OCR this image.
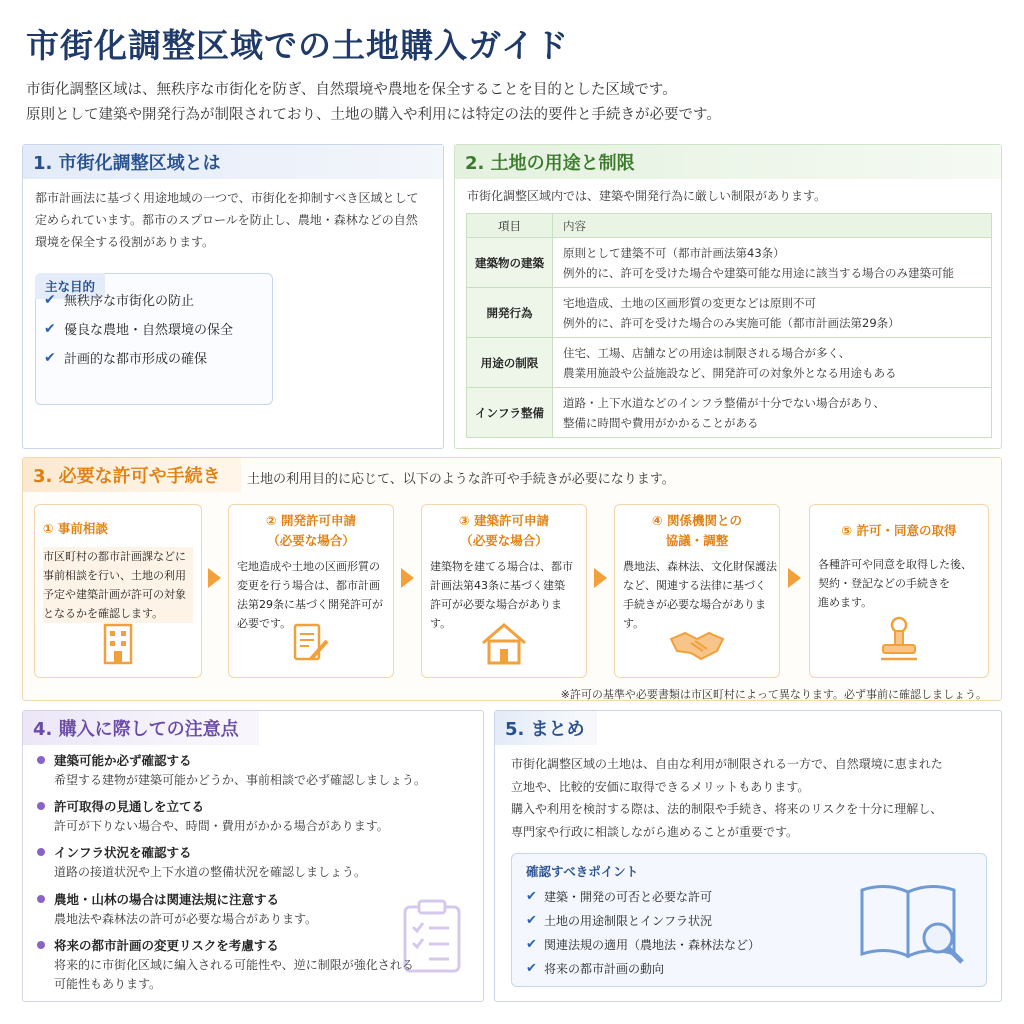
市街化調整区域での土地購入ガイド
市街化調整区域は、無秩序な市街化を防ぎ、自然環境や農地を保全することを目的とした区域です。
原則として建築や開発行為が制限されており、土地の購入や利用には特定の法的要件と手続きが必要です。
1. 市街化調整区域とは
都市計画法に基づく用途地域の一つで、市街化を抑制すべき区域として
定められています。都市のスプロールを防止し、農地・森林などの自然
環境を保全する役割があります。
主な目的
✔ 無秩序な市街化の防止
✔ 優良な農地・自然環境の保全
✔ 計画的な都市形成の確保
2. 土地の用途と制限
市街化調整区域内では、建築や開発行為に厳しい制限があります。
項目	内容
建築物の建築	原則として建築不可（都市計画法第43条）
例外的に、許可を受けた場合や建築可能な用途に該当する場合のみ建築可能

開発行為	宅地造成、土地の区画形質の変更などは原則不可
例外的に、許可を受けた場合のみ実施可能（都市計画法第29条）

用途の制限	住宅、工場、店舗などの用途は制限される場合が多く、
農業用施設や公益施設など、開発許可の対象外となる用途もある

インフラ整備	道路・上下水道などのインフラ整備が十分でない場合があり、
整備に時間や費用がかかることがある
3. 必要な許可や手続き	土地の利用目的に応じて、以下のような許可や手続きが必要になります。
① 事前相談
市区町村の都市計画課などに
事前相談を行い、土地の利用
予定や建築計画が許可の対象
となるかを確認します。
② 開発許可申請
（必要な場合）
宅地造成や土地の区画形質の
変更を行う場合は、都市計画
法第29条に基づく開発許可が
必要です。
③ 建築許可申請
（必要な場合）
建築物を建てる場合は、都市
計画法第43条に基づく建築
許可が必要な場合がありま
す。
④ 関係機関との
協議・調整
農地法、森林法、文化財保護法
など、関連する法律に基づく
手続きが必要な場合がありま
す。
⑤ 許可・同意の取得
各種許可や同意を取得した後、
契約・登記などの手続きを
進めます。
※許可の基準や必要書類は市区町村によって異なります。必ず事前に確認しましょう。
4. 購入に際しての注意点
建築可能か必ず確認する
希望する建物が建築可能かどうか、事前相談で必ず確認しましょう。
許可取得の見通しを立てる
許可が下りない場合や、時間・費用がかかる場合があります。
インフラ状況を確認する
道路の接道状況や上下水道の整備状況を確認しましょう。
農地・山林の場合は関連法規に注意する
農地法や森林法の許可が必要な場合があります。
将来の都市計画の変更リスクを考慮する
将来的に市街化区域に編入される可能性や、逆に制限が強化される
可能性もあります。
5. まとめ
市街化調整区域の土地は、自由な利用が制限される一方で、自然環境に恵まれた
立地や、比較的安価に取得できるメリットもあります。
購入や利用を検討する際は、法的制限や手続き、将来のリスクを十分に理解し、
専門家や行政に相談しながら進めることが重要です。
確認すべきポイント
✔ 建築・開発の可否と必要な許可
✔ 土地の用途制限とインフラ状況
✔ 関連法規の適用（農地法・森林法など）
✔ 将来の都市計画の動向
